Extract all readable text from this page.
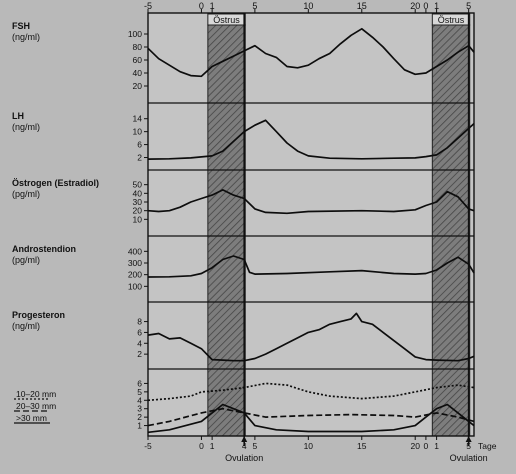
Östrus
Ovulation
Östrus
Ovulation
-5	0 1	5	10	15	20 0 1	5
-5	0 1	4 5	10	15	20 0 1	5 Tage
FSH
(ng/ml)
20
40
60
80
100
LH
(ng/ml)
2
6
10
14
Östrogen (Estradiol)
(pg/ml)
10
20
30
40
50
Androstendion
(pg/ml)
100
200
300
400
Progesteron
(ng/ml)
2
4
6
8
1
2
3
4
5
6
10–20 mm
20–30 mm
>30 mm
